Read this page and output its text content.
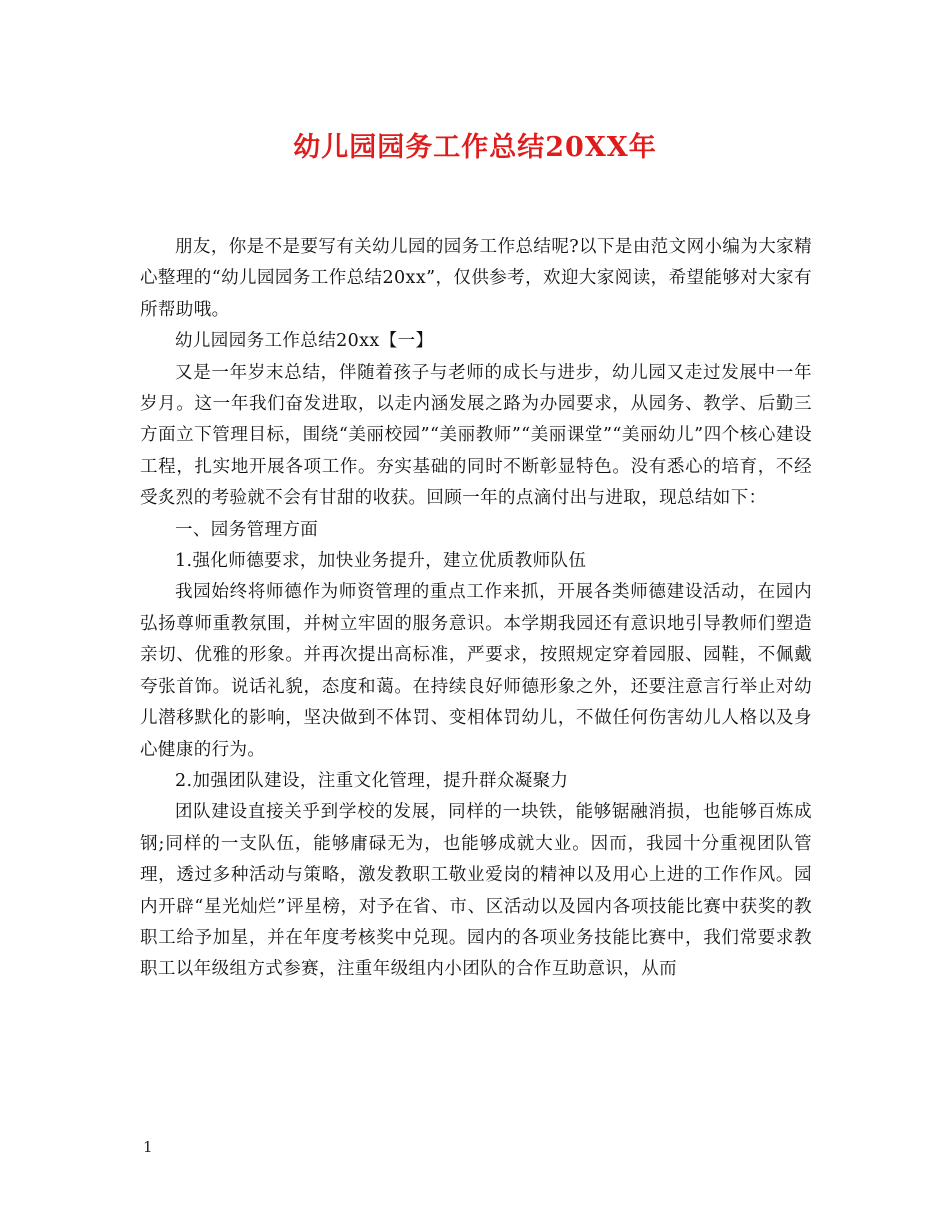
幼儿园园务工作总结20XX年

朋友，你是不是要写有关幼儿园的园务工作总结呢?以下是由范文网小编为大家精心整理的“幼儿园园务工作总结20xx”，仅供参考，欢迎大家阅读，希望能够对大家有所帮助哦。

幼儿园园务工作总结20xx【一】

又是一年岁末总结，伴随着孩子与老师的成长与进步，幼儿园又走过发展中一年岁月。这一年我们奋发进取，以走内涵发展之路为办园要求，从园务、教学、后勤三方面立下管理目标，围绕“美丽校园”“美丽教师”“美丽课堂”“美丽幼儿”四个核心建设工程，扎实地开展各项工作。夯实基础的同时不断彰显特色。没有悉心的培育，不经受炙烈的考验就不会有甘甜的收获。回顾一年的点滴付出与进取，现总结如下：

一、园务管理方面

1.强化师德要求，加快业务提升，建立优质教师队伍

我园始终将师德作为师资管理的重点工作来抓，开展各类师德建设活动，在园内弘扬尊师重教氛围，并树立牢固的服务意识。本学期我园还有意识地引导教师们塑造亲切、优雅的形象。并再次提出高标准，严要求，按照规定穿着园服、园鞋，不佩戴夸张首饰。说话礼貌，态度和蔼。在持续良好师德形象之外，还要注意言行举止对幼儿潜移默化的影响，坚决做到不体罚、变相体罚幼儿，不做任何伤害幼儿人格以及身心健康的行为。

2.加强团队建设，注重文化管理，提升群众凝聚力

团队建设直接关乎到学校的发展，同样的一块铁，能够锯融消损，也能够百炼成钢;同样的一支队伍，能够庸碌无为，也能够成就大业。因而，我园十分重视团队管理，透过多种活动与策略，激发教职工敬业爱岗的精神以及用心上进的工作作风。园内开辟“星光灿烂”评星榜，对予在省、市、区活动以及园内各项技能比赛中获奖的教职工给予加星，并在年度考核奖中兑现。园内的各项业务技能比赛中，我们常要求教职工以年级组方式参赛，注重年级组内小团队的合作互助意识，从而

1
